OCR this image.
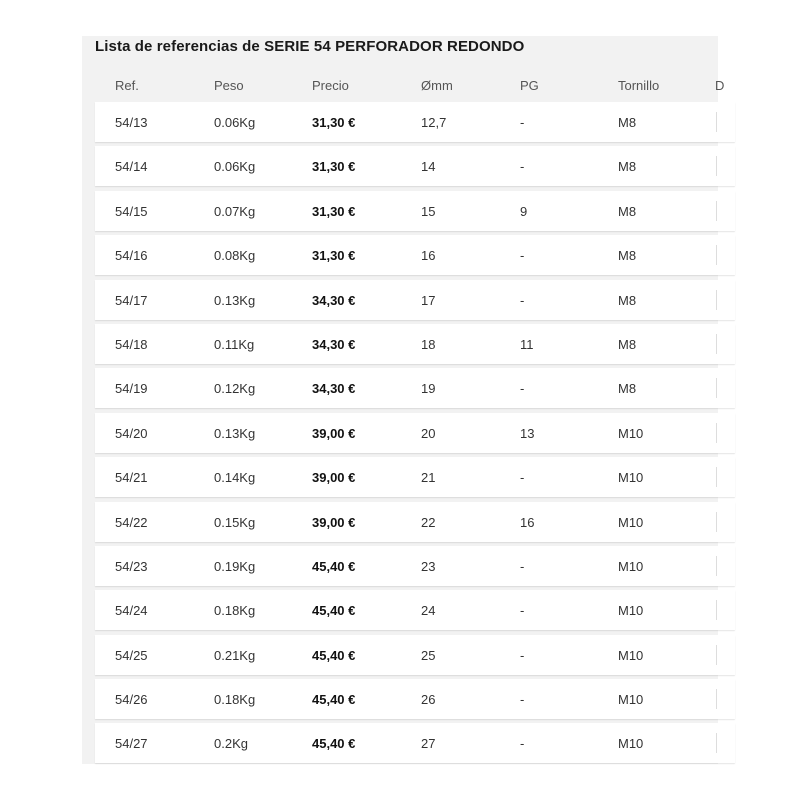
Lista de referencias de SERIE 54 PERFORADOR REDONDO
Ref.	Peso	Precio	Ømm	PG	Tornillo	D
54/13	0.06Kg	31,30 €	12,7	-	M8
54/14	0.06Kg	31,30 €	14	-	M8
54/15	0.07Kg	31,30 €	15	9	M8
54/16	0.08Kg	31,30 €	16	-	M8
54/17	0.13Kg	34,30 €	17	-	M8
54/18	0.11Kg	34,30 €	18	11	M8
54/19	0.12Kg	34,30 €	19	-	M8
54/20	0.13Kg	39,00 €	20	13	M10
54/21	0.14Kg	39,00 €	21	-	M10
54/22	0.15Kg	39,00 €	22	16	M10
54/23	0.19Kg	45,40 €	23	-	M10
54/24	0.18Kg	45,40 €	24	-	M10
54/25	0.21Kg	45,40 €	25	-	M10
54/26	0.18Kg	45,40 €	26	-	M10
54/27	0.2Kg	45,40 €	27	-	M10
